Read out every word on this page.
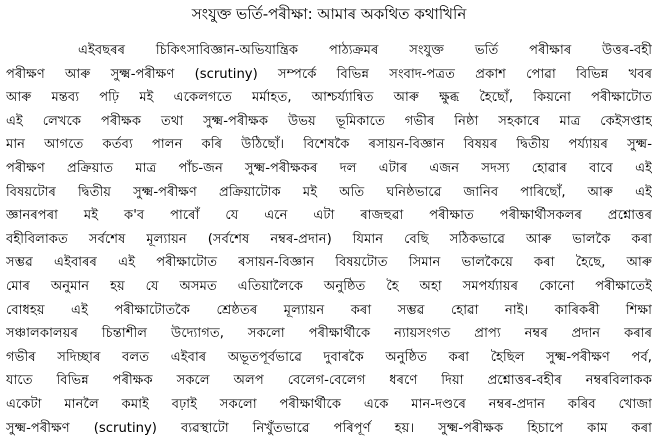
সংযুক্ত ভৰ্তি-পৰীক্ষা: আমাৰ অকথিত কথাখিনি
এইবছৰৰ চিকিৎসাবিজ্ঞান-অভিযান্ত্ৰিক পাঠ্যক্ৰমৰ সংযুক্ত ভৰ্তি পৰীক্ষাৰ উত্তৰ-বহী
পৰীক্ষণ আৰু সুক্ষ্ম-পৰীক্ষণ (scrutiny) সম্পৰ্কে বিভিন্ন সংবাদ-পত্ৰত প্ৰকাশ পোৱা বিভিন্ন খবৰ
আৰু মন্তব্য পঢ়ি মই একেলগতে মৰ্মাহত, আশ্চৰ্য্যান্বিত আৰু ক্ষুব্ধ হৈছোঁ, কিয়নো পৰীক্ষাটোত
এই লেখকে পৰীক্ষক তথা সুক্ষ্ম-পৰীক্ষক উভয় ভূমিকাতে গভীৰ নিষ্ঠা সহকাৰে মাত্ৰ কেইসপ্তাহ
মান আগতে কৰ্তব্য পালন কৰি উঠিছোঁ। বিশেষকৈ ৰসায়ন-বিজ্ঞান বিষয়ৰ দ্বিতীয় পৰ্য্যায়ৰ সুক্ষ্ম-
পৰীক্ষণ প্ৰক্ৰিয়াত মাত্ৰ পাঁচ-জন সুক্ষ্ম-পৰীক্ষকৰ দল এটাৰ এজন সদস্য হোৱাৰ বাবে এই
বিষয়টোৰ দ্বিতীয় সুক্ষ্ম-পৰীক্ষণ প্ৰক্ৰিয়াটোক মই অতি ঘনিষ্ঠভাৱে জানিব পাৰিছোঁ, আৰু এই
জ্ঞানৰপৰা মই ক'ব পাৰোঁ যে এনে এটা ৰাজহুৱা পৰীক্ষাত পৰীক্ষাৰ্থীসকলৰ প্ৰশ্নোত্তৰ
বহীবিলাকত সৰ্বশেষ মূল্যায়ন (সৰ্বশেষ নম্বৰ-প্ৰদান) যিমান বেছি সঠিকভাৱে আৰু ভালকৈ কৰা
সম্ভৱ এইবাৰৰ এই পৰীক্ষাটোত ৰসায়ন-বিজ্ঞান বিষয়টোত সিমান ভালকৈয়ে কৰা হৈছে, আৰু
মোৰ অনুমান হয় যে অসমত এতিয়ালৈকে অনুষ্ঠিত হৈ অহা সমপৰ্য্যায়ৰ কোনো পৰীক্ষাতেই
বোধহয় এই পৰীক্ষাটোতকৈ শ্ৰেষ্ঠতৰ মূল্যায়ন কৰা সম্ভৱ হোৱা নাই। কাৰিকৰী শিক্ষা
সঞ্চালকালয়ৰ চিন্তাশীল উদ্যোগত, সকলো পৰীক্ষাৰ্থীকে ন্যায়সংগত প্ৰাপ্য নম্বৰ প্ৰদান কৰাৰ
গভীৰ সদিচ্ছাৰ বলত এইবাৰ অভূতপূৰ্বভাৱে দুবাৰকৈ অনুষ্ঠিত কৰা হৈছিল সুক্ষ্ম-পৰীক্ষণ পৰ্ব,
যাতে বিভিন্ন পৰীক্ষক সকলে অলপ বেলেগ-বেলেগ ধৰণে দিয়া প্ৰশ্নোত্তৰ-বহীৰ নম্বৰবিলাকক
একেটা মানলৈ কমাই বঢ়াই সকলো পৰীক্ষাৰ্থীকে একে মান-দণ্ডৰে নম্বৰ-প্ৰদান কৰিব খোজা
সুক্ষ্ম-পৰীক্ষণ (scrutiny) ব্যৱস্থাটো নিখুঁতভাৱে পৰিপূৰ্ণ হয়। সুক্ষ্ম-পৰীক্ষক হিচাপে কাম কৰা
